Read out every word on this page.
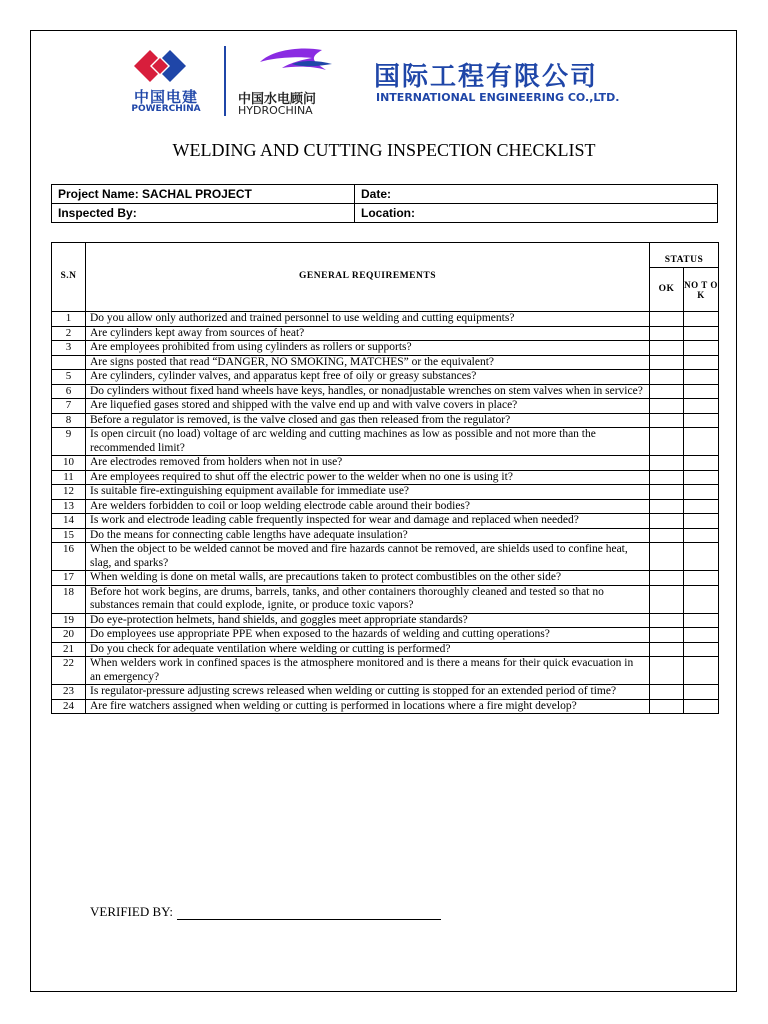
中国电建
POWERCHINA
中国水电顾问
HYDROCHINA
国际工程有限公司
INTERNATIONAL ENGINEERING CO.,LTD.
WELDING AND CUTTING INSPECTION CHECKLIST
Project Name: SACHAL PROJECT	Date:
Inspected By:	Location:
S.N	GENERAL REQUIREMENTS	STATUS	
		OK	NO T OK
1	Do you allow only authorized and trained personnel to use welding and cutting equipments?		
2	Are cylinders kept away from sources of heat?		
3	Are employees prohibited from using cylinders as rollers or supports?		
	Are signs posted that read “DANGER, NO SMOKING, MATCHES” or the equivalent?		
5	Are cylinders, cylinder valves, and apparatus kept free of oily or greasy substances?		
6	Do cylinders without fixed hand wheels have keys, handles, or nonadjustable wrenches on stem valves when in service?		
7	Are liquefied gases stored and shipped with the valve end up and with valve covers in place?		
8	Before a regulator is removed, is the valve closed and gas then released from the regulator?		
9	Is open circuit (no load) voltage of arc welding and cutting machines as low as possible and not more than the recommended limit?		
10	Are electrodes removed from holders when not in use?		
11	Are employees required to shut off the electric power to the welder when no one is using it?		
12	Is suitable fire-extinguishing equipment available for immediate use?		
13	Are welders forbidden to coil or loop welding electrode cable around their bodies?		
14	Is work and electrode leading cable frequently inspected for wear and damage and replaced when needed?		
15	Do the means for connecting cable lengths have adequate insulation?		
16	When the object to be welded cannot be moved and fire hazards cannot be removed, are shields used to confine heat, slag, and sparks?		
17	When welding is done on metal walls, are precautions taken to protect combustibles on the other side?		
18	Before hot work begins, are drums, barrels, tanks, and other containers thoroughly cleaned and tested so that no substances remain that could explode, ignite, or produce toxic vapors?		
19	Do eye-protection helmets, hand shields, and goggles meet appropriate standards?		
20	Do employees use appropriate PPE when exposed to the hazards of welding and cutting operations?		
21	Do you check for adequate ventilation where welding or cutting is performed?		
22	When welders work in confined spaces is the atmosphere monitored and is there a means for their quick evacuation in an emergency?		
23	Is regulator-pressure adjusting screws released when welding or cutting is stopped for an extended period of time?		
24	Are fire watchers assigned when welding or cutting is performed in locations where a fire might develop?		
VERIFIED BY:
